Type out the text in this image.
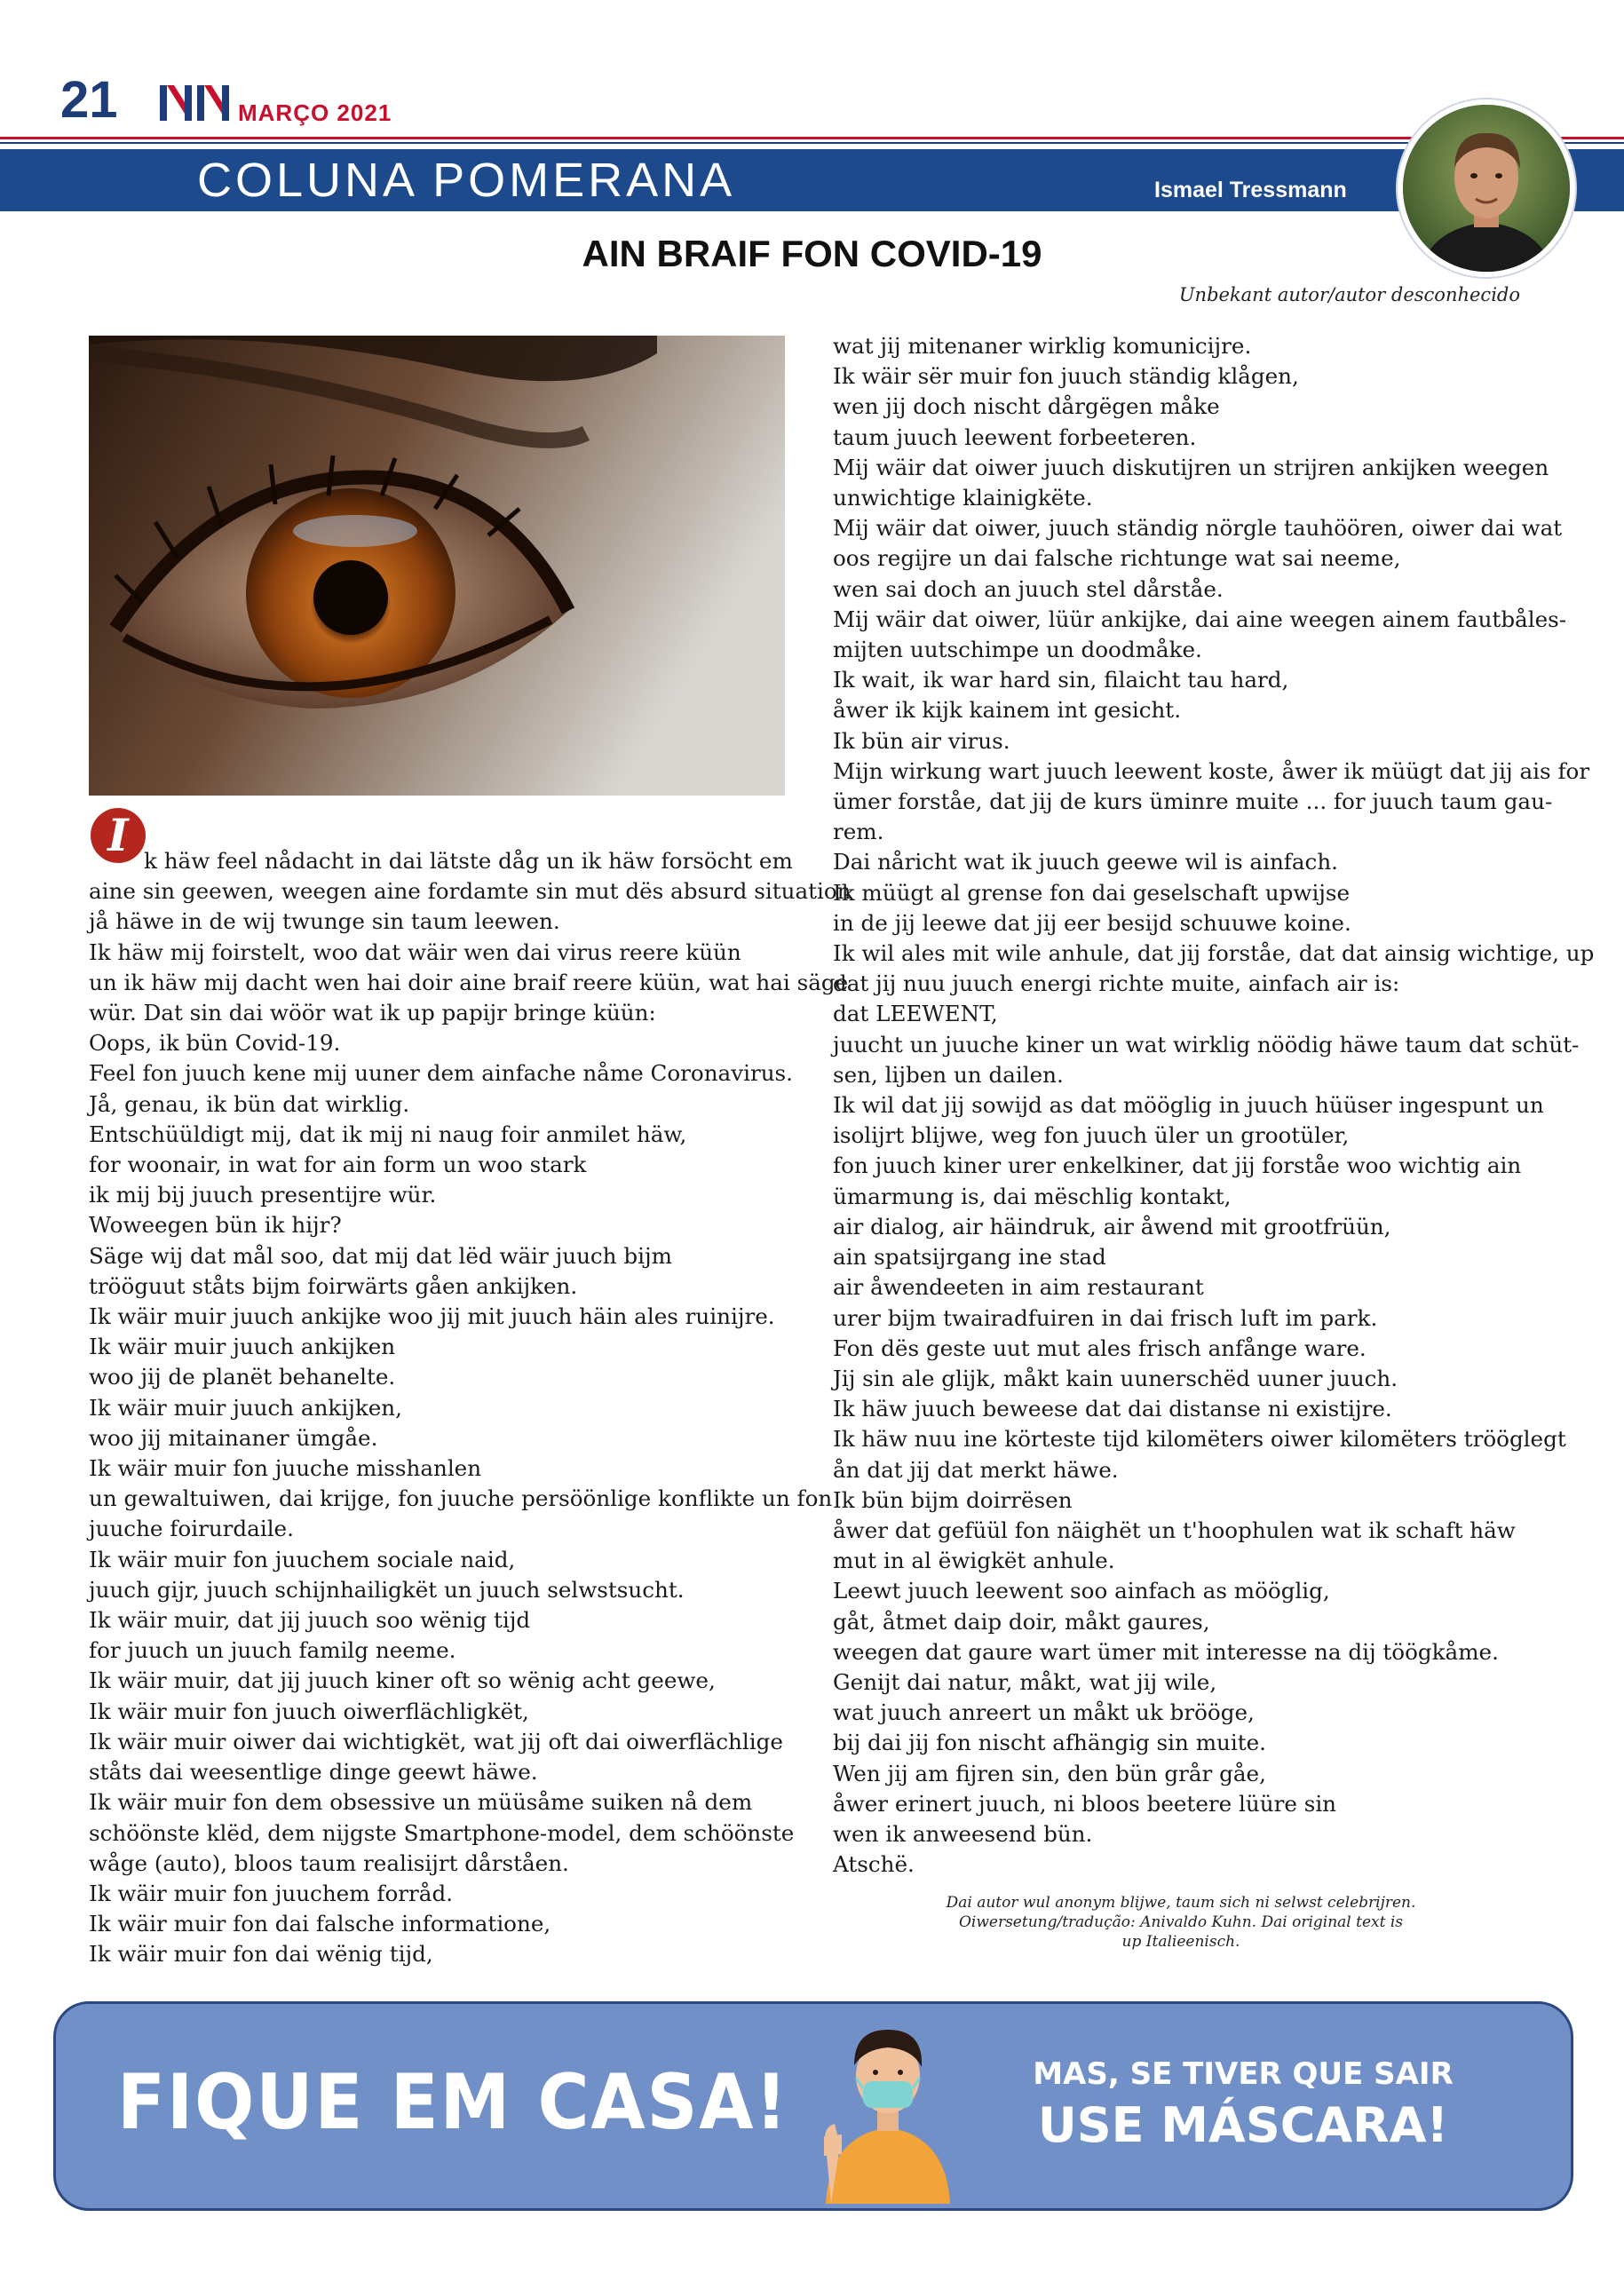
21	MARÇO 2021
COLUNA POMERANA	Ismael Tressmann
AIN BRAIF FON COVID-19
Unbekant autor/autor desconhecido
I k häw feel nådacht in dai lätste dåg un ik häw forsöcht em

aine sin geewen, weegen aine fordamte sin mut dës absurd situation

jå häwe in de wij twunge sin taum leewen.

Ik häw mij foirstelt, woo dat wäir wen dai virus reere küün

un ik häw mij dacht wen hai doir aine braif reere küün, wat hai säge

wür. Dat sin dai wöör wat ik up papijr bringe küün:

Oops, ik bün Covid-19.

Feel fon juuch kene mij uuner dem ainfache nåme Coronavirus.

Jå, genau, ik bün dat wirklig.

Entschüüldigt mij, dat ik mij ni naug foir anmilet häw,

for woonair, in wat for ain form un woo stark

ik mij bij juuch presentijre wür.

Woweegen bün ik hijr?

Säge wij dat mål soo, dat mij dat lëd wäir juuch bijm

trööguut ståts bijm foirwärts gåen ankijken.

Ik wäir muir juuch ankijke woo jij mit juuch häin ales ruinijre.

Ik wäir muir juuch ankijken

woo jij de planët behanelte.

Ik wäir muir juuch ankijken,

woo jij mitainaner ümgåe.

Ik wäir muir fon juuche misshanlen

un gewaltuiwen, dai krijge, fon juuche persöönlige konflikte un fon

juuche foirurdaile.

Ik wäir muir fon juuchem sociale naid,

juuch gijr, juuch schijnhailigkët un juuch selwstsucht.

Ik wäir muir, dat jij juuch soo wënig tijd

for juuch un juuch familg neeme.

Ik wäir muir, dat jij juuch kiner oft so wënig acht geewe,

Ik wäir muir fon juuch oiwerflächligkët,

Ik wäir muir oiwer dai wichtigkët, wat jij oft dai oiwerflächlige

ståts dai weesentlige dinge geewt häwe.

Ik wäir muir fon dem obsessive un müüsåme suiken nå dem

schöönste klëd, dem nijgste Smartphone-model, dem schöönste

wåge (auto), bloos taum realisijrt dårståen.

Ik wäir muir fon juuchem forråd.

Ik wäir muir fon dai falsche informatione,

Ik wäir muir fon dai wënig tijd,

wat jij mitenaner wirklig komunicijre.

Ik wäir sër muir fon juuch ständig klågen,

wen jij doch nischt dårgëgen måke

taum juuch leewent forbeeteren.

Mij wäir dat oiwer juuch diskutijren un strijren ankijken weegen

unwichtige klainigkëte.

Mij wäir dat oiwer, juuch ständig nörgle tauhöören, oiwer dai wat

oos regijre un dai falsche richtunge wat sai neeme,

wen sai doch an juuch stel dårståe.

Mij wäir dat oiwer, lüür ankijke, dai aine weegen ainem fautbåles-

mijten uutschimpe un doodmåke.

Ik wait, ik war hard sin, filaicht tau hard,

åwer ik kijk kainem int gesicht.

Ik bün air virus.

Mijn wirkung wart juuch leewent koste, åwer ik müügt dat jij ais for

ümer forståe, dat jij de kurs üminre muite ... for juuch taum gau-

rem.

Dai nåricht wat ik juuch geewe wil is ainfach.

Ik müügt al grense fon dai geselschaft upwijse

in de jij leewe dat jij eer besijd schuuwe koine.

Ik wil ales mit wile anhule, dat jij forståe, dat dat ainsig wichtige, up

dat jij nuu juuch energi richte muite, ainfach air is:

dat LEEWENT,

juucht un juuche kiner un wat wirklig nöödig häwe taum dat schüt-

sen, lijben un dailen.

Ik wil dat jij sowijd as dat mööglig in juuch hüüser ingespunt un

isolijrt blijwe, weg fon juuch üler un grootüler,

fon juuch kiner urer enkelkiner, dat jij forståe woo wichtig ain

ümarmung is, dai mëschlig kontakt,

air dialog, air häindruk, air åwend mit grootfrüün,

ain spatsijrgang ine stad

air åwendeeten in aim restaurant

urer bijm twairadfuiren in dai frisch luft im park.

Fon dës geste uut mut ales frisch anfånge ware.

Jij sin ale glijk, måkt kain uunerschëd uuner juuch.

Ik häw juuch beweese dat dai distanse ni existijre.

Ik häw nuu ine körteste tijd kilomëters oiwer kilomëters trööglegt

ån dat jij dat merkt häwe.

Ik bün bijm doirrësen

åwer dat gefüül fon näighët un t'hoophulen wat ik schaft häw

mut in al ëwigkët anhule.

Leewt juuch leewent soo ainfach as mööglig,

gåt, åtmet daip doir, måkt gaures,

weegen dat gaure wart ümer mit interesse na dij töögkåme.

Genijt dai natur, måkt, wat jij wile,

wat juuch anreert un måkt uk bröögе,

bij dai jij fon nischt afhängig sin muite.

Wen jij am fijren sin, den bün grår gåe,

åwer erinert juuch, ni bloos beetere lüüre sin

wen ik anweesend bün.

Atschë.

Dai autor wul anonym blijwe, taum sich ni selwst celebrijren.
Oiwersetung/tradução: Anivaldo Kuhn. Dai original text is
up Italieenisch.
FIQUE EM CASA!	MAS, SE TIVER QUE SAIR
USE MÁSCARA!
